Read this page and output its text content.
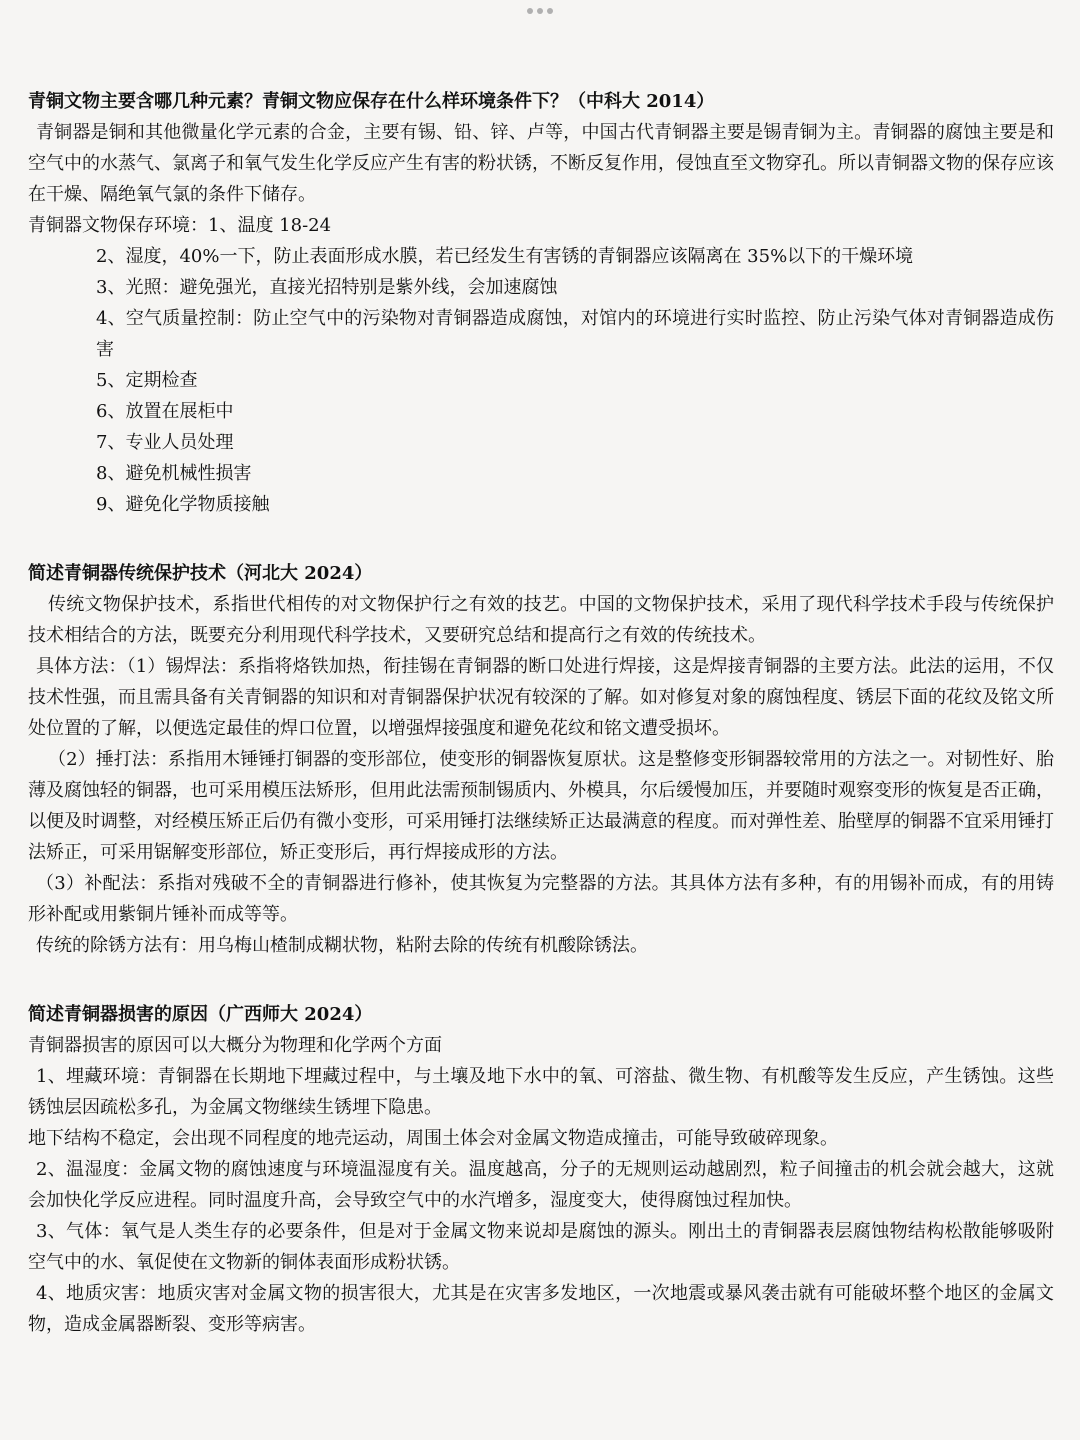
青铜文物主要含哪几种元素？青铜文物应保存在什么样环境条件下？（中科大 2014）

青铜器是铜和其他微量化学元素的合金，主要有锡、铅、锌、卢等，中国古代青铜器主要是锡青铜为主。青铜器的腐蚀主要是和空气中的水蒸气、氯离子和氧气发生化学反应产生有害的粉状锈，不断反复作用，侵蚀直至文物穿孔。所以青铜器文物的保存应该在干燥、隔绝氧气氯的条件下储存。

青铜器文物保存环境：1、温度 18-24

2、湿度，40%一下，防止表面形成水膜，若已经发生有害锈的青铜器应该隔离在 35%以下的干燥环境

3、光照：避免强光，直接光招特别是紫外线，会加速腐蚀

4、空气质量控制：防止空气中的污染物对青铜器造成腐蚀，对馆内的环境进行实时监控、防止污染气体对青铜器造成伤害

5、定期检查

6、放置在展柜中

7、专业人员处理

8、避免机械性损害

9、避免化学物质接触

简述青铜器传统保护技术（河北大 2024）

传统文物保护技术，系指世代相传的对文物保护行之有效的技艺。中国的文物保护技术，采用了现代科学技术手段与传统保护技术相结合的方法，既要充分利用现代科学技术，又要研究总结和提高行之有效的传统技术。

具体方法：（1）锡焊法：系指将烙铁加热，衔挂锡在青铜器的断口处进行焊接，这是焊接青铜器的主要方法。此法的运用，不仅技术性强，而且需具备有关青铜器的知识和对青铜器保护状况有较深的了解。如对修复对象的腐蚀程度、锈层下面的花纹及铭文所处位置的了解，以便选定最佳的焊口位置，以增强焊接强度和避免花纹和铭文遭受损坏。

（2）捶打法：系指用木锤锤打铜器的变形部位，使变形的铜器恢复原状。这是整修变形铜器较常用的方法之一。对韧性好、胎薄及腐蚀轻的铜器，也可采用模压法矫形，但用此法需预制锡质内、外模具，尔后缓慢加压，并要随时观察变形的恢复是否正确，以便及时调整，对经模压矫正后仍有微小变形，可采用锤打法继续矫正达最满意的程度。而对弹性差、胎壁厚的铜器不宜采用锤打法矫正，可采用锯解变形部位，矫正变形后，再行焊接成形的方法。

（3）补配法：系指对残破不全的青铜器进行修补，使其恢复为完整器的方法。其具体方法有多种，有的用锡补而成，有的用铸形补配或用紫铜片锤补而成等等。

传统的除锈方法有：用乌梅山楂制成糊状物，粘附去除的传统有机酸除锈法。

简述青铜器损害的原因（广西师大 2024）

青铜器损害的原因可以大概分为物理和化学两个方面

1、埋藏环境：青铜器在长期地下埋藏过程中，与土壤及地下水中的氧、可溶盐、微生物、有机酸等发生反应，产生锈蚀。这些锈蚀层因疏松多孔，为金属文物继续生锈埋下隐患。

地下结构不稳定，会出现不同程度的地壳运动，周围土体会对金属文物造成撞击，可能导致破碎现象。

2、温湿度：金属文物的腐蚀速度与环境温湿度有关。温度越高，分子的无规则运动越剧烈，粒子间撞击的机会就会越大，这就会加快化学反应进程。同时温度升高，会导致空气中的水汽增多，湿度变大，使得腐蚀过程加快。

3、气体：氧气是人类生存的必要条件，但是对于金属文物来说却是腐蚀的源头。刚出土的青铜器表层腐蚀物结构松散能够吸附空气中的水、氧促使在文物新的铜体表面形成粉状锈。

4、地质灾害：地质灾害对金属文物的损害很大，尤其是在灾害多发地区，一次地震或暴风袭击就有可能破坏整个地区的金属文物，造成金属器断裂、变形等病害。
